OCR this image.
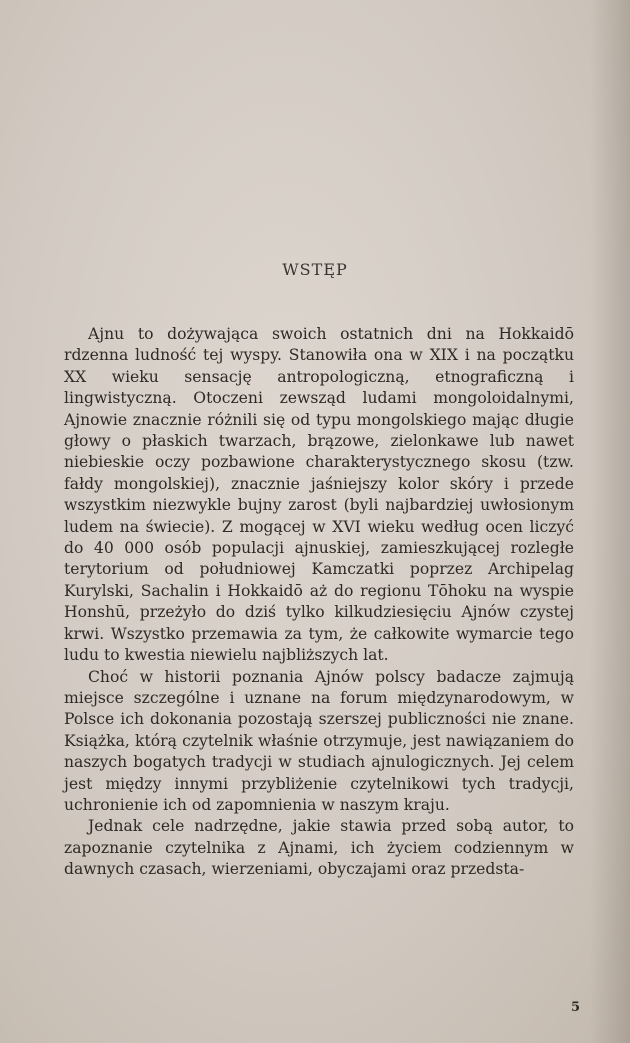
WSTĘP

Ajnu to dożywająca swoich ostatnich dni na Hokkaidō rdzenna ludność tej wyspy. Stanowiła ona w XIX i na początku XX wieku sensację antropologiczną, etnograficzną i lingwistyczną. Otoczeni zewsząd ludami mongoloidalnymi, Ajnowie znacznie różnili się od typu mongolskiego mając długie głowy o płaskich twarzach, brązowe, zielonkawe lub nawet niebieskie oczy pozbawione charakterystycznego skosu (tzw. fałdy mongolskiej), znacznie jaśniejszy kolor skóry i przede wszystkim niezwykle bujny zarost (byli najbardziej uwłosionym ludem na świecie). Z mogącej w XVI wieku według ocen liczyć do 40 000 osób populacji ajnuskiej, zamieszkującej rozległe terytorium od południowej Kamczatki poprzez Archipelag Kurylski, Sachalin i Hokkaidō aż do regionu Tōhoku na wyspie Honshū, przeżyło do dziś tylko kilkudziesięciu Ajnów czystej krwi. Wszystko przemawia za tym, że całkowite wymarcie tego ludu to kwestia niewielu najbliższych lat.

Choć w historii poznania Ajnów polscy badacze zajmują miejsce szczególne i uznane na forum międzynarodowym, w Polsce ich dokonania pozostają szerszej publiczności nie znane. Książka, którą czytelnik właśnie otrzymuje, jest nawiązaniem do naszych bogatych tradycji w studiach ajnulogicznych. Jej celem jest między innymi przybliżenie czytelnikowi tych tradycji, uchronienie ich od zapomnienia w naszym kraju.

Jednak cele nadrzędne, jakie stawia przed sobą autor, to zapoznanie czytelnika z Ajnami, ich życiem codziennym w dawnych czasach, wierzeniami, obyczajami oraz przedsta-

5
